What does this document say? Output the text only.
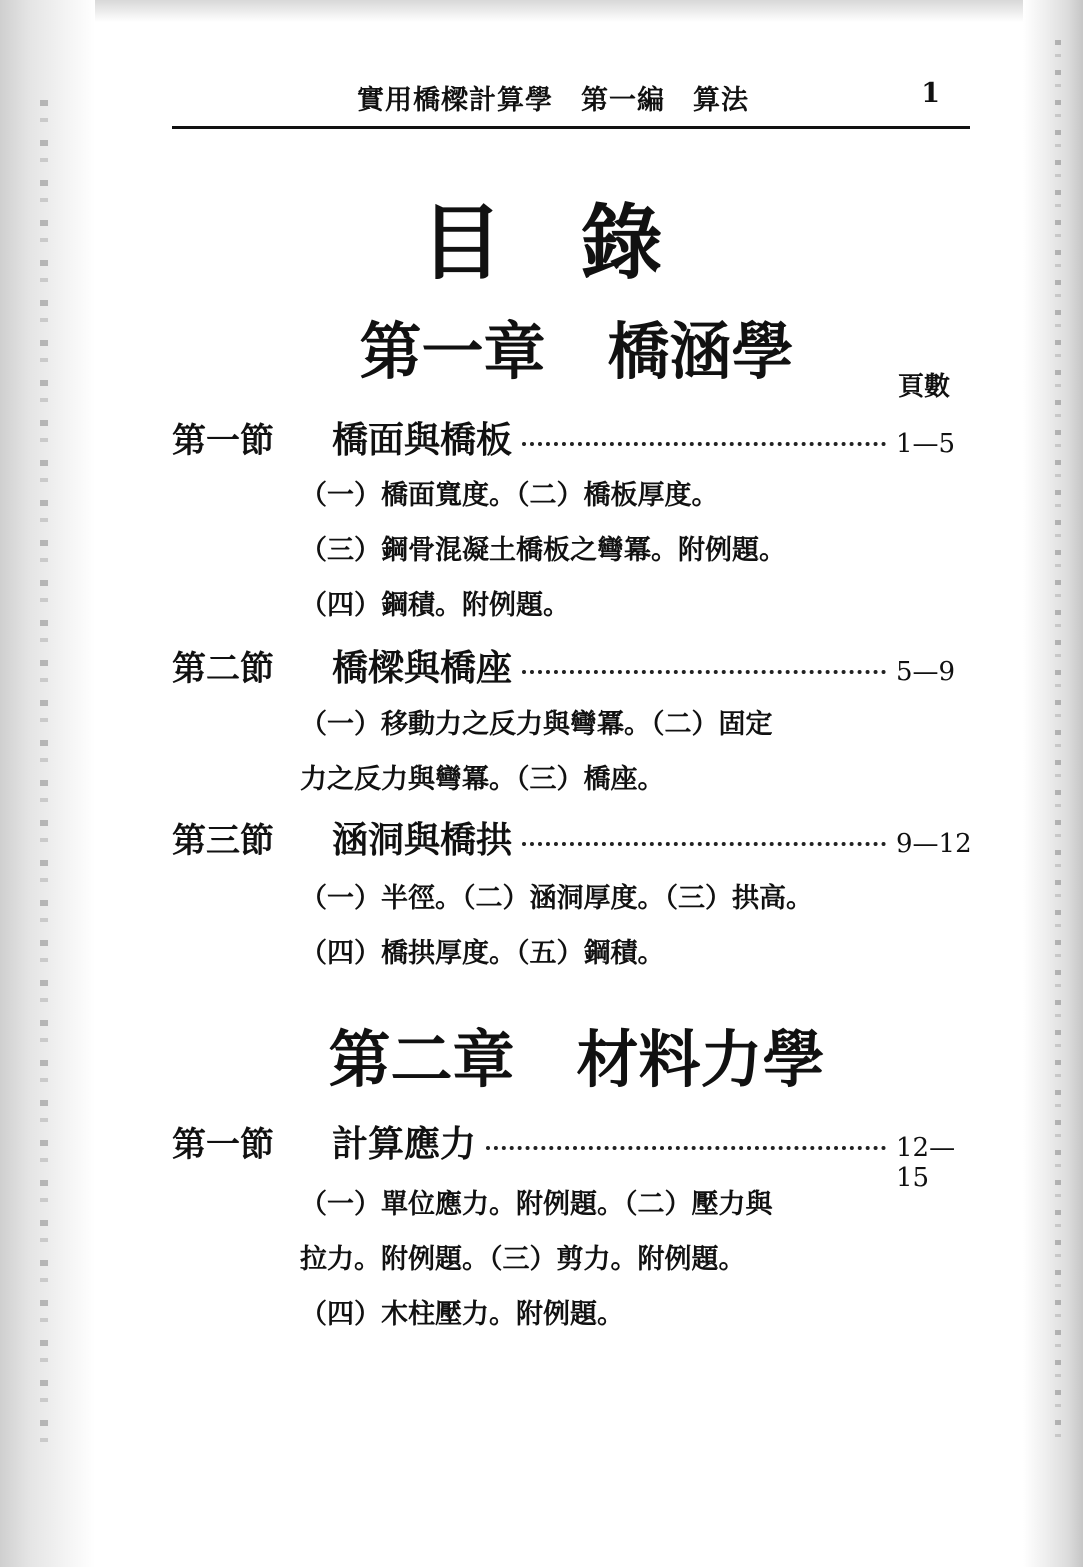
實用橋樑計算學　第一編　算法	1
目錄
第一章　橋涵學	頁數
第一節	橋面與橋板	1—5
（一）橋面寬度。（二）橋板厚度。
（三）鋼骨混凝土橋板之彎冪。附例題。
（四）鋼積。附例題。
第二節	橋樑與橋座	5—9
（一）移動力之反力與彎冪。（二）固定
力之反力與彎冪。（三）橋座。
第三節	涵洞與橋拱	9—12
（一）半徑。（二）涵洞厚度。（三）拱高。
（四）橋拱厚度。（五）鋼積。
第二章　材料力學
第一節	計算應力	12—15
（一）單位應力。附例題。（二）壓力與
拉力。附例題。（三）剪力。附例題。
（四）木柱壓力。附例題。
